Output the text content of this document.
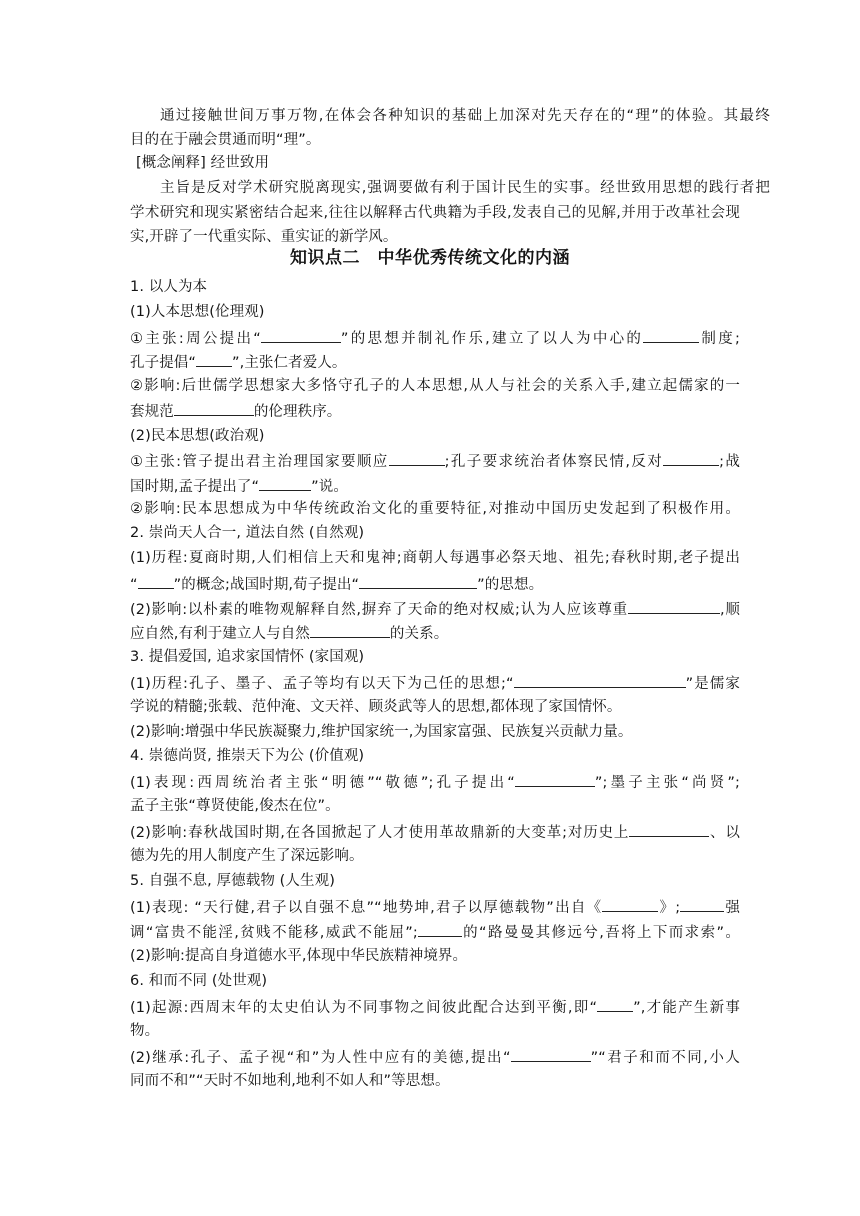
通过接触世间万事万物,在体会各种知识的基础上加深对先天存在的“理”的体验。其最终
目的在于融会贯通而明“理”。
[概念阐释] 经世致用
主旨是反对学术研究脱离现实,强调要做有利于国计民生的实事。经世致用思想的践行者把
学术研究和现实紧密结合起来,往往以解释古代典籍为手段,发表自己的见解,并用于改革社会现
实,开辟了一代重实际、重实证的新学风。
知识点二　中华优秀传统文化的内涵
1. 以人为本
(1)人本思想(伦理观)
①主张:周公提出“	”的思想并制礼作乐,建立了以人为中心的	制度;
孔子提倡“ ”,主张仁者爱人。
②影响:后世儒学思想家大多恪守孔子的人本思想,从人与社会的关系入手,建立起儒家的一
套规范	的伦理秩序。
(2)民本思想(政治观)
①主张:管子提出君主治理国家要顺应	;孔子要求统治者体察民情,反对	;战
国时期,孟子提出了“	”说。
②影响:民本思想成为中华传统政治文化的重要特征,对推动中国历史发起到了积极作用。
2. 崇尚天人合一, 道法自然 (自然观)
(1)历程:夏商时期,人们相信上天和鬼神;商朝人每遇事必祭天地、祖先;春秋时期,老子提出
“ ”的概念;战国时期,荀子提出“	”的思想。
(2)影响:以朴素的唯物观解释自然,摒弃了天命的绝对权威;认为人应该尊重	,顺
应自然,有利于建立人与自然	的关系。
3. 提倡爱国, 追求家国情怀 (家国观)
(1)历程:孔子、墨子、孟子等均有以天下为己任的思想;“	”是儒家
学说的精髓;张载、范仲淹、文天祥、顾炎武等人的思想,都体现了家国情怀。
(2)影响:增强中华民族凝聚力,维护国家统一,为国家富强、民族复兴贡献力量。
4. 崇德尚贤, 推崇天下为公 (价值观)
(1)表现:西周统治者主张“明德”“敬德”;孔子提出“	”;墨子主张“尚贤”;
孟子主张“尊贤使能,俊杰在位”。
(2)影响:春秋战国时期,在各国掀起了人才使用革故鼎新的大变革;对历史上	、以
德为先的用人制度产生了深远影响。
5. 自强不息, 厚德载物 (人生观)
(1)表现: “天行健,君子以自强不息”“地势坤,君子以厚德载物”出自《	》;	强
调“富贵不能淫,贫贱不能移,威武不能屈”;	的“路曼曼其修远兮,吾将上下而求索”。
(2)影响:提高自身道德水平,体现中华民族精神境界。
6. 和而不同 (处世观)
(1)起源:西周末年的太史伯认为不同事物之间彼此配合达到平衡,即“ ”,才能产生新事
物。
(2)继承:孔子、孟子视“和”为人性中应有的美德,提出“	”“君子和而不同,小人
同而不和”“天时不如地利,地利不如人和”等思想。
